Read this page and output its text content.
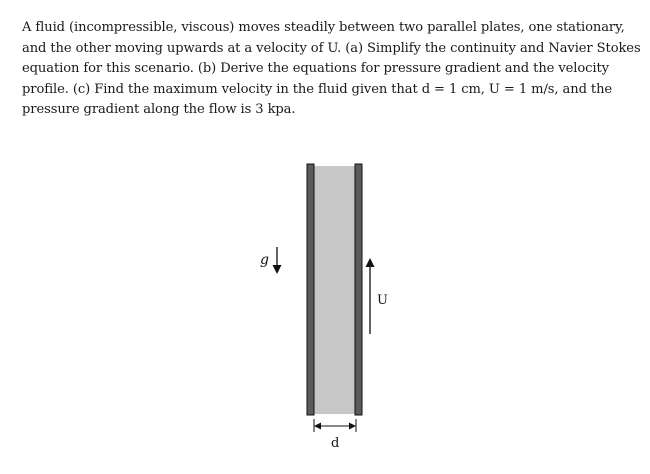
A fluid (incompressible, viscous) moves steadily between two parallel plates, one stationary,
and the other moving upwards at a velocity of U. (a) Simplify the continuity and Navier Stokes
equation for this scenario. (b) Derive the equations for pressure gradient and the velocity
profile. (c) Find the maximum velocity in the fluid given that d = 1 cm, U = 1 m/s, and the
pressure gradient along the flow is 3 kpa.
g
U
d
